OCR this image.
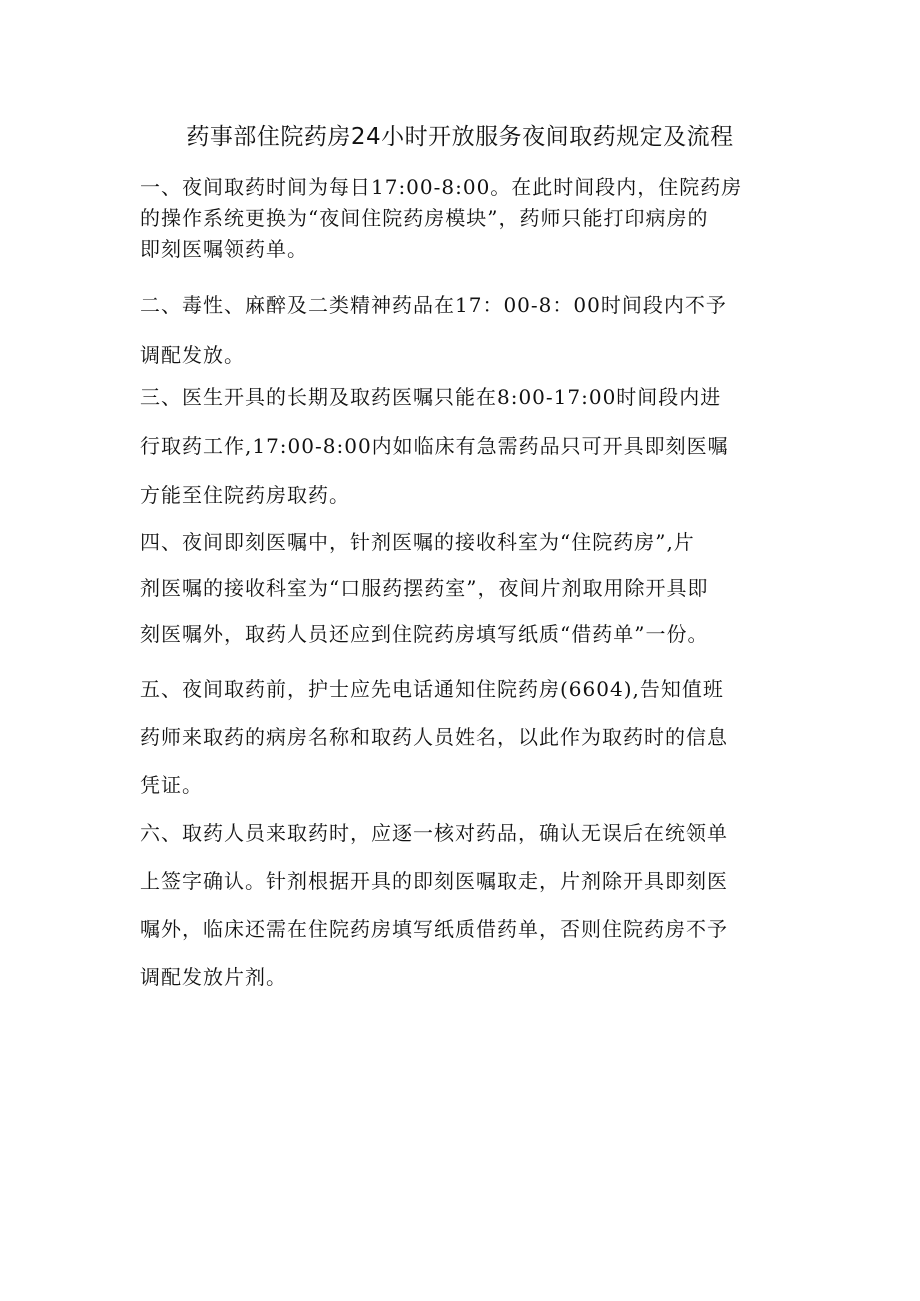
药事部住院药房24小时开放服务夜间取药规定及流程

一、夜间取药时间为每日17:00-8:00。在此时间段内，住院药房
的操作系统更换为“夜间住院药房模块”，药师只能打印病房的
即刻医嘱领药单。

二、毒性、麻醉及二类精神药品在17：00-8：00时间段内不予
调配发放。

三、医生开具的长期及取药医嘱只能在8:00-17:00时间段内进
行取药工作,17:00-8:00内如临床有急需药品只可开具即刻医嘱
方能至住院药房取药。

四、夜间即刻医嘱中，针剂医嘱的接收科室为“住院药房”,片
剂医嘱的接收科室为“口服药摆药室”，夜间片剂取用除开具即
刻医嘱外，取药人员还应到住院药房填写纸质“借药单”一份。

五、夜间取药前，护士应先电话通知住院药房(6604),告知值班
药师来取药的病房名称和取药人员姓名，以此作为取药时的信息
凭证。

六、取药人员来取药时，应逐一核对药品，确认无误后在统领单
上签字确认。针剂根据开具的即刻医嘱取走，片剂除开具即刻医
嘱外，临床还需在住院药房填写纸质借药单，否则住院药房不予
调配发放片剂。
